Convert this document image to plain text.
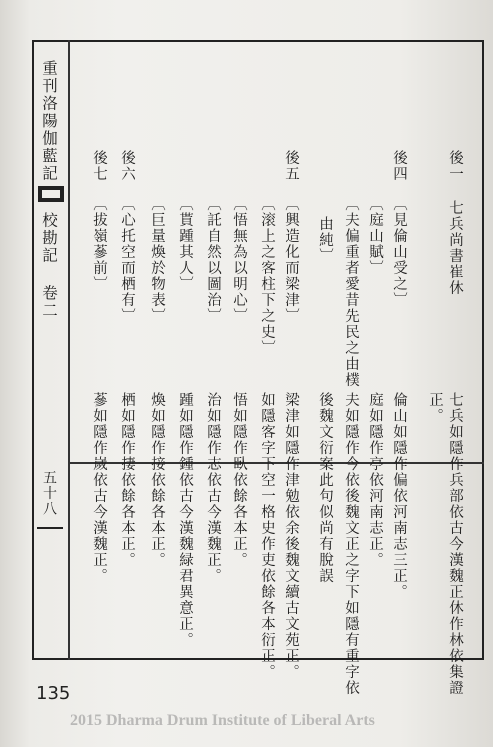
重刊洛陽伽藍記
校勘記 卷二
五十八
後一
七兵尚書崔休
七兵如隱作兵部依古今漢魏正休作林依集證
正。
後四
〔見倫山受之〕
倫山如隱作偏依河南志三正。
〔庭山賦〕
庭如隱作亭依河南志正。
〔夫偏重者愛昔先民之由樸
夫如隱作今依後魏文正之字下如隱有重字依
由純〕
後魏文衍案此句似尚有脫誤
後五
〔興造化而梁津〕
梁津如隱作津勉依余後魏文續古文苑正。
〔滚上之客柱下之史〕
如隱客字下空一格史作吏依餘各本衍正。
〔悟無為以明心〕
悟如隱作臥依餘各本正。
〔託自然以圖治〕
治如隱作志依古今漢魏正。
〔貰踵其人〕
踵如隱作鍾依古今漢魏緑君異意正。
〔巨量煥於物表〕
煥如隱作接依餘各本正。
後六
〔心托空而栖有〕
栖如隱作捿依餘各本正。
後七
〔拔嶺蔘前〕
蔘如隱作嵗依古今漢魏正。
135
2015 Dharma Drum Institute of Liberal Arts
